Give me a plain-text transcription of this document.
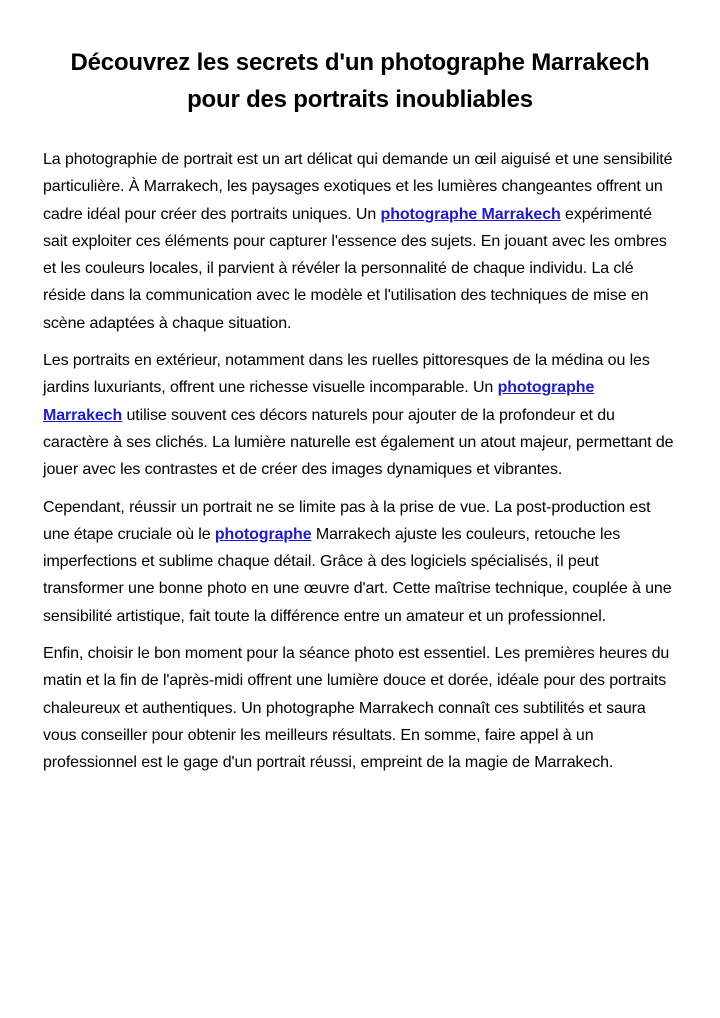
Découvrez les secrets d'un photographe Marrakech pour des portraits inoubliables

La photographie de portrait est un art délicat qui demande un œil aiguisé et une sensibilité particulière. À Marrakech, les paysages exotiques et les lumières changeantes offrent un cadre idéal pour créer des portraits uniques. Un photographe Marrakech expérimenté sait exploiter ces éléments pour capturer l'essence des sujets. En jouant avec les ombres et les couleurs locales, il parvient à révéler la personnalité de chaque individu. La clé réside dans la communication avec le modèle et l'utilisation des techniques de mise en scène adaptées à chaque situation.

Les portraits en extérieur, notamment dans les ruelles pittoresques de la médina ou les jardins luxuriants, offrent une richesse visuelle incomparable. Un photographe Marrakech utilise souvent ces décors naturels pour ajouter de la profondeur et du caractère à ses clichés. La lumière naturelle est également un atout majeur, permettant de jouer avec les contrastes et de créer des images dynamiques et vibrantes.

Cependant, réussir un portrait ne se limite pas à la prise de vue. La post-production est une étape cruciale où le photographe Marrakech ajuste les couleurs, retouche les imperfections et sublime chaque détail. Grâce à des logiciels spécialisés, il peut transformer une bonne photo en une œuvre d'art. Cette maîtrise technique, couplée à une sensibilité artistique, fait toute la différence entre un amateur et un professionnel.

Enfin, choisir le bon moment pour la séance photo est essentiel. Les premières heures du matin et la fin de l'après-midi offrent une lumière douce et dorée, idéale pour des portraits chaleureux et authentiques. Un photographe Marrakech connaît ces subtilités et saura vous conseiller pour obtenir les meilleurs résultats. En somme, faire appel à un professionnel est le gage d'un portrait réussi, empreint de la magie de Marrakech.
